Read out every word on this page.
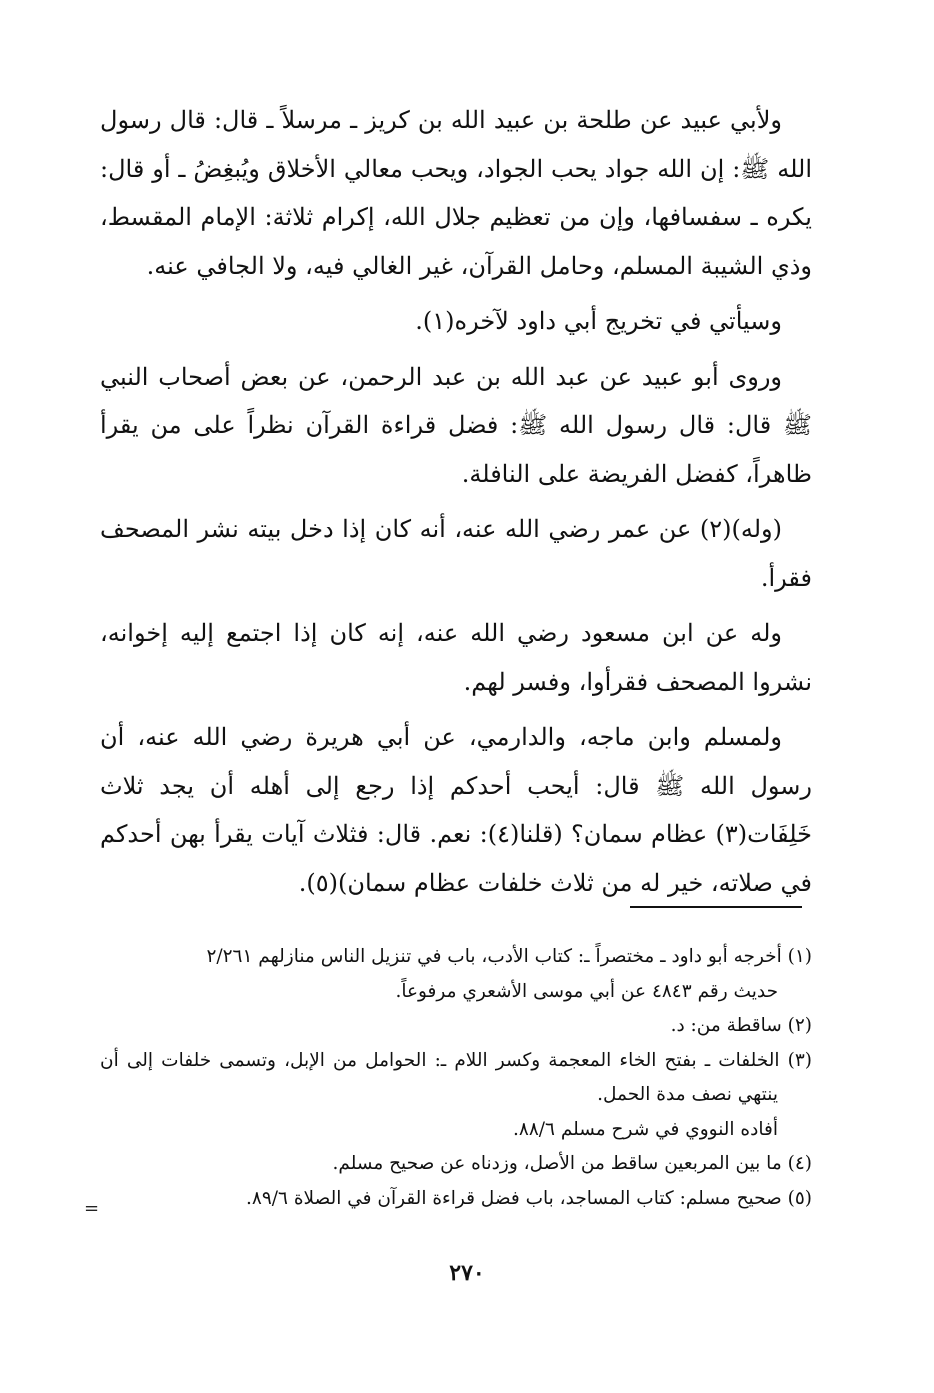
ولأبي عبيد عن طلحة بن عبيد الله بن كريز ـ مرسلاً ـ قال: قال رسول الله ﷺ: إن الله جواد يحب الجواد، ويحب معالي الأخلاق ويُبغِضُ ـ أو قال: يكره ـ سفسافها، وإن من تعظيم جلال الله، إكرام ثلاثة: الإمام المقسط، وذي الشيبة المسلم، وحامل القرآن، غير الغالي فيه، ولا الجافي عنه.

وسيأتي في تخريج أبي داود لآخره(١).

وروى أبو عبيد عن عبد الله بن عبد الرحمن، عن بعض أصحاب النبي ﷺ قال: قال رسول الله ﷺ: فضل قراءة القرآن نظراً على من يقرأ ظاهراً، كفضل الفريضة على النافلة.

(وله)(٢) عن عمر رضي الله عنه، أنه كان إذا دخل بيته نشر المصحف فقرأ.

وله عن ابن مسعود رضي الله عنه، إنه كان إذا اجتمع إليه إخوانه، نشروا المصحف فقرأوا، وفسر لهم.

ولمسلم وابن ماجه، والدارمي، عن أبي هريرة رضي الله عنه، أن رسول الله ﷺ قال: أيحب أحدكم إذا رجع إلى أهله أن يجد ثلاث خَلِفَات(٣) عظام سمان؟ (قلنا(٤): نعم. قال: فثلاث آيات يقرأ بهن أحدكم في صلاته، خير له من ثلاث خلفات عظام سمان)(٥).

(١) أخرجه أبو داود ـ مختصراً ـ: كتاب الأدب، باب في تنزيل الناس منازلهم ٢/٢٦١

حديث رقم ٤٨٤٣ عن أبي موسى الأشعري مرفوعاً.

(٢) ساقطة من: د.

(٣) الخلفات ـ بفتح الخاء المعجمة وكسر اللام ـ: الحوامل من الإبل، وتسمى خلفات إلى أن ينتهي نصف مدة الحمل.

أفاده النووي في شرح مسلم ٨٨/٦.

(٤) ما بين المربعين ساقط من الأصل، وزدناه عن صحيح مسلم.

(٥) صحيح مسلم: كتاب المساجد، باب فضل قراءة القرآن في الصلاة ٨٩/٦.

=
٢٧٠
